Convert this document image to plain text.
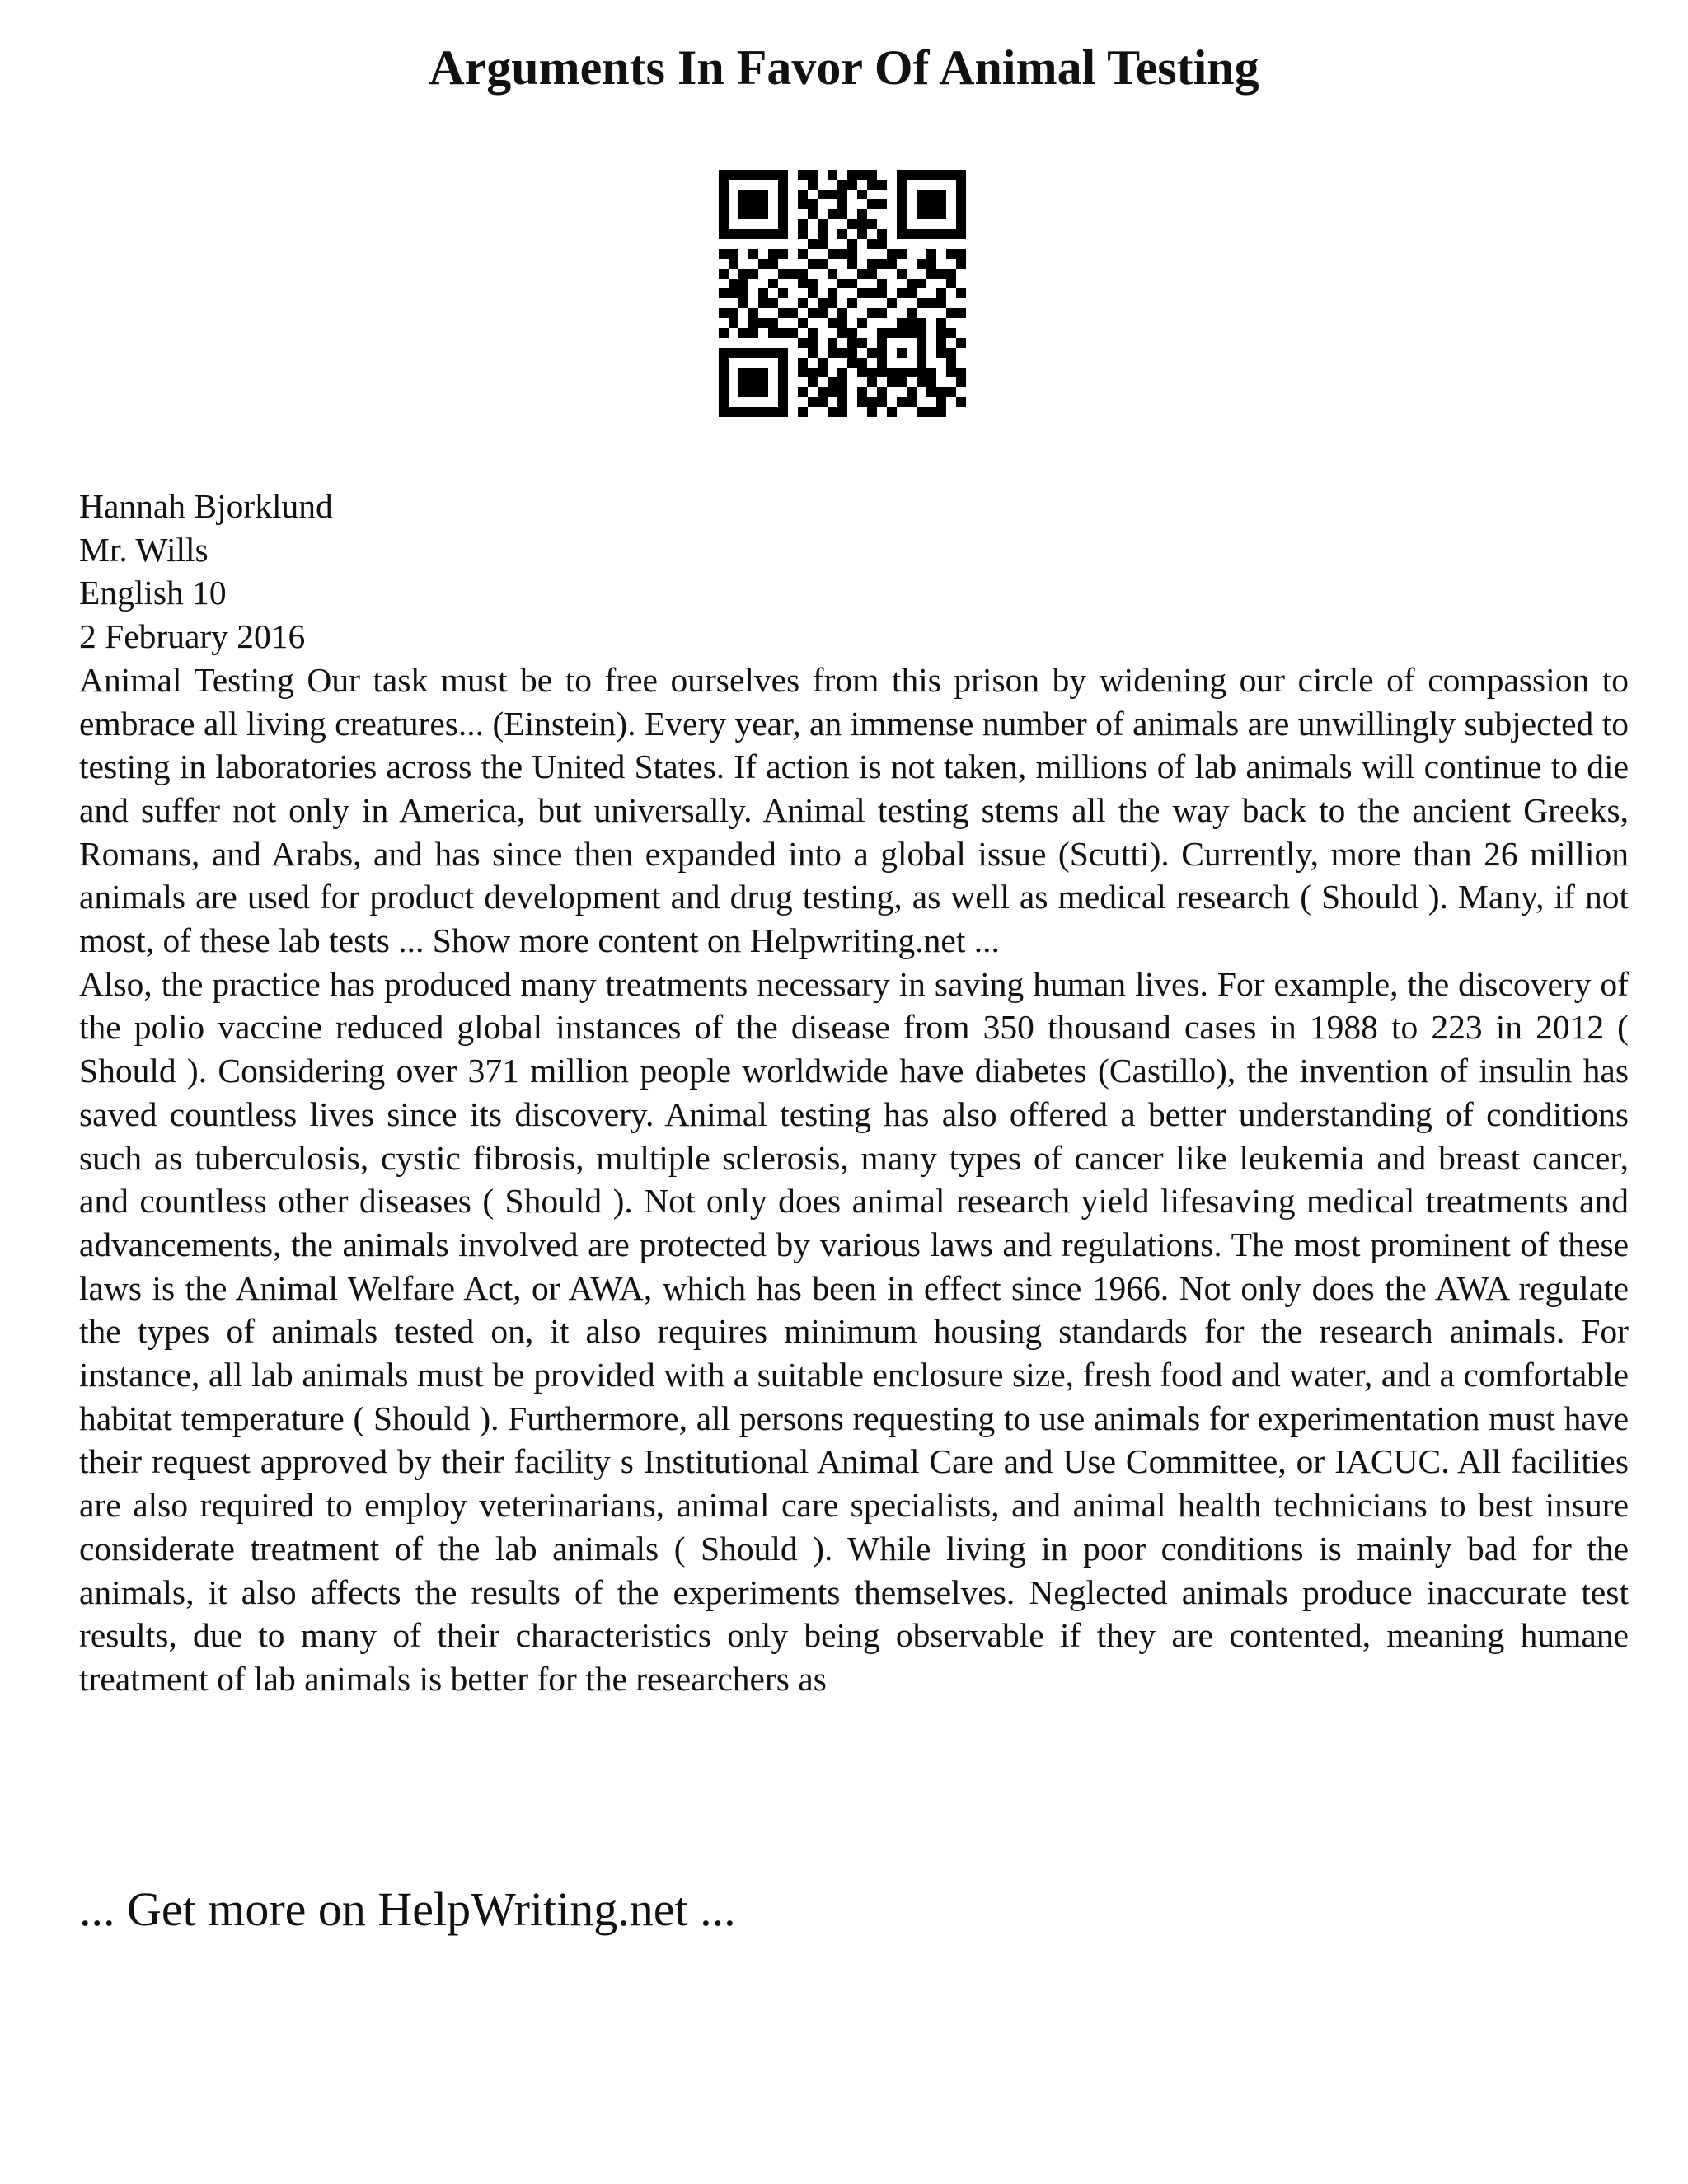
Arguments In Favor Of Animal Testing
Hannah Bjorklund
Mr. Wills
English 10
2 February 2016

Animal Testing Our task must be to free ourselves from this prison by widening our circle of compassion to embrace all living creatures... (Einstein). Every year, an immense number of animals are unwillingly subjected to testing in laboratories across the United States. If action is not taken, millions of lab animals will continue to die and suffer not only in America, but universally. Animal testing stems all the way back to the ancient Greeks, Romans, and Arabs, and has since then expanded into a global issue (Scutti). Currently, more than 26 million animals are used for product development and drug testing, as well as medical research ( Should ). Many, if not most, of these lab tests ... Show more content on Helpwriting.net ...

Also, the practice has produced many treatments necessary in saving human lives. For example, the discovery of the polio vaccine reduced global instances of the disease from 350 thousand cases in 1988 to 223 in 2012 ( Should ). Considering over 371 million people worldwide have diabetes (Castillo), the invention of insulin has saved countless lives since its discovery. Animal testing has also offered a better understanding of conditions such as tuberculosis, cystic fibrosis, multiple sclerosis, many types of cancer like leukemia and breast cancer, and countless other diseases ( Should ). Not only does animal research yield lifesaving medical treatments and advancements, the animals involved are protected by various laws and regulations. The most prominent of these laws is the Animal Welfare Act, or AWA, which has been in effect since 1966. Not only does the AWA regulate the types of animals tested on, it also requires minimum housing standards for the research animals. For instance, all lab animals must be provided with a suitable enclosure size, fresh food and water, and a comfortable habitat temperature ( Should ). Furthermore, all persons requesting to use animals for experimentation must have their request approved by their facility s Institutional Animal Care and Use Committee, or IACUC. All facilities are also required to employ veterinarians, animal care specialists, and animal health technicians to best insure considerate treatment of the lab animals ( Should ). While living in poor conditions is mainly bad for the animals, it also affects the results of the experiments themselves. Neglected animals produce inaccurate test results, due to many of their characteristics only being observable if they are contented, meaning humane treatment of lab animals is better for the researchers as

... Get more on HelpWriting.net ...
